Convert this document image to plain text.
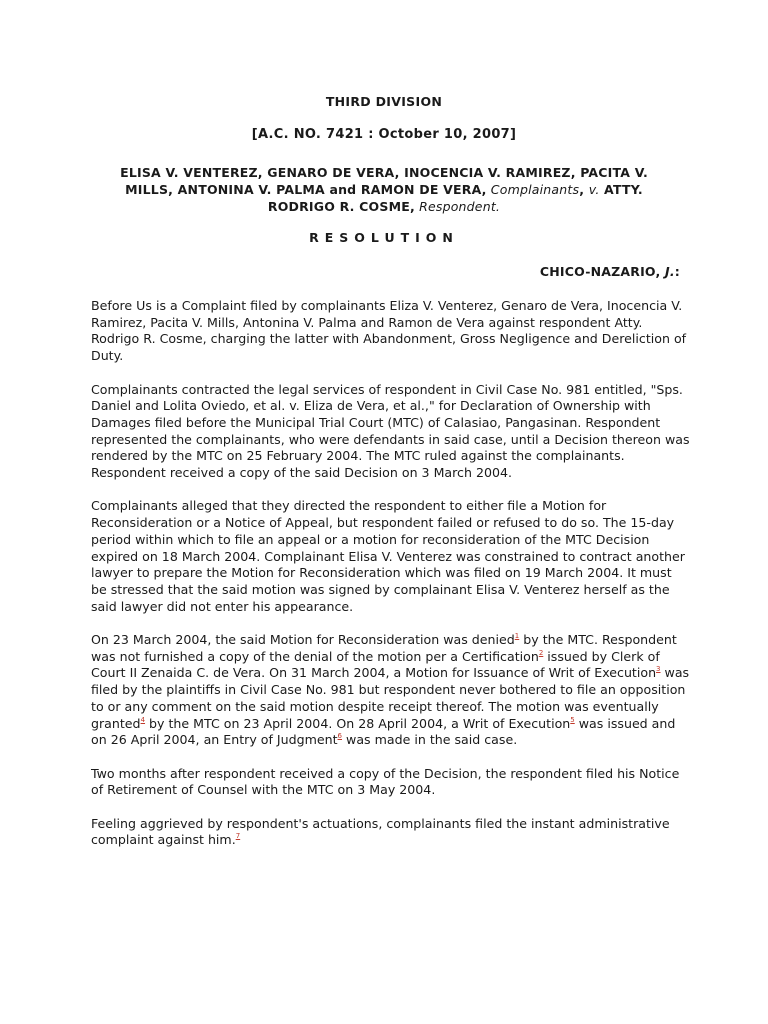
THIRD DIVISION
[A.C. NO. 7421 : October 10, 2007]
ELISA V. VENTEREZ, GENARO DE VERA, INOCENCIA V. RAMIREZ, PACITA V. MILLS, ANTONINA V. PALMA and RAMON DE VERA, Complainants, v. ATTY. RODRIGO R. COSME, Respondent.
RESOLUTION
CHICO-NAZARIO, J.:

Before Us is a Complaint filed by complainants Eliza V. Venterez, Genaro de Vera, Inocencia V. Ramirez, Pacita V. Mills, Antonina V. Palma and Ramon de Vera against respondent Atty. Rodrigo R. Cosme, charging the latter with Abandonment, Gross Negligence and Dereliction of Duty.

Complainants contracted the legal services of respondent in Civil Case No. 981 entitled, "Sps. Daniel and Lolita Oviedo, et al. v. Eliza de Vera, et al.," for Declaration of Ownership with Damages filed before the Municipal Trial Court (MTC) of Calasiao, Pangasinan. Respondent represented the complainants, who were defendants in said case, until a Decision thereon was rendered by the MTC on 25 February 2004. The MTC ruled against the complainants. Respondent received a copy of the said Decision on 3 March 2004.

Complainants alleged that they directed the respondent to either file a Motion for Reconsideration or a Notice of Appeal, but respondent failed or refused to do so. The 15-day period within which to file an appeal or a motion for reconsideration of the MTC Decision expired on 18 March 2004. Complainant Elisa V. Venterez was constrained to contract another lawyer to prepare the Motion for Reconsideration which was filed on 19 March 2004. It must be stressed that the said motion was signed by complainant Elisa V. Venterez herself as the said lawyer did not enter his appearance.

On 23 March 2004, the said Motion for Reconsideration was denied$^1$ by the MTC. Respondent was not furnished a copy of the denial of the motion per a Certification$^2$ issued by Clerk of Court II Zenaida C. de Vera. On 31 March 2004, a Motion for Issuance of Writ of Execution$^3$ was filed by the plaintiffs in Civil Case No. 981 but respondent never bothered to file an opposition to or any comment on the said motion despite receipt thereof. The motion was eventually granted$^4$ by the MTC on 23 April 2004. On 28 April 2004, a Writ of Execution$^5$ was issued and on 26 April 2004, an Entry of Judgment$^6$ was made in the said case.

Two months after respondent received a copy of the Decision, the respondent filed his Notice of Retirement of Counsel with the MTC on 3 May 2004.

Feeling aggrieved by respondent's actuations, complainants filed the instant administrative complaint against him.$^7$
